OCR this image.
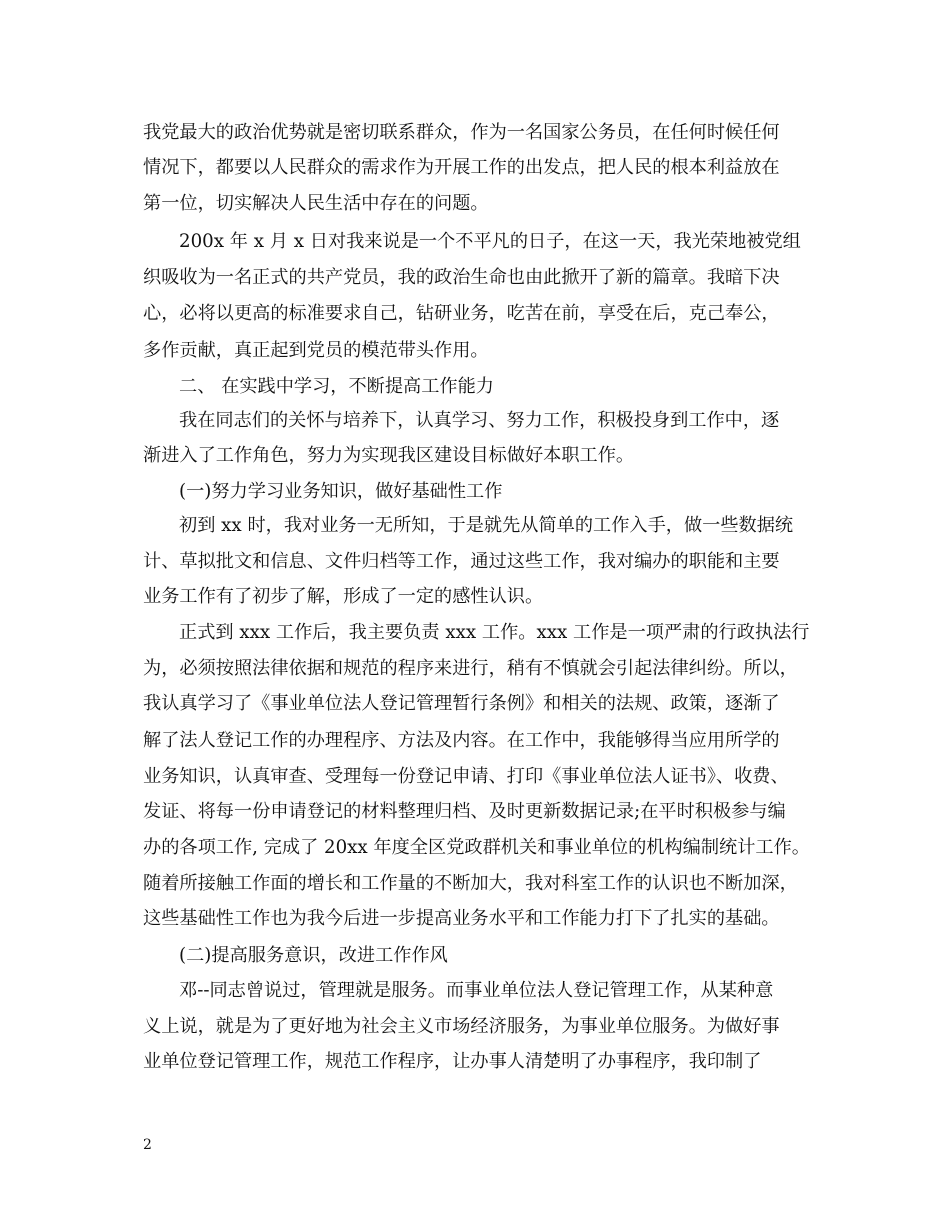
我党最大的政治优势就是密切联系群众，作为一名国家公务员，在任何时候任何
情况下，都要以人民群众的需求作为开展工作的出发点，把人民的根本利益放在
第一位，切实解决人民生活中存在的问题。
200x 年 x 月 x 日对我来说是一个不平凡的日子，在这一天，我光荣地被党组
织吸收为一名正式的共产党员，我的政治生命也由此掀开了新的篇章。我暗下决
心，必将以更高的标准要求自己，钻研业务，吃苦在前，享受在后，克己奉公，
多作贡献，真正起到党员的模范带头作用。
二、 在实践中学习，不断提高工作能力
我在同志们的关怀与培养下，认真学习、努力工作，积极投身到工作中，逐
渐进入了工作角色，努力为实现我区建设目标做好本职工作。
(一)努力学习业务知识，做好基础性工作
初到 xx 时，我对业务一无所知，于是就先从简单的工作入手，做一些数据统
计、草拟批文和信息、文件归档等工作，通过这些工作，我对编办的职能和主要
业务工作有了初步了解，形成了一定的感性认识。
正式到 xxx 工作后，我主要负责 xxx 工作。xxx 工作是一项严肃的行政执法行
为，必须按照法律依据和规范的程序来进行，稍有不慎就会引起法律纠纷。所以，
我认真学习了《事业单位法人登记管理暂行条例》和相关的法规、政策，逐渐了
解了法人登记工作的办理程序、方法及内容。在工作中，我能够得当应用所学的
业务知识，认真审查、受理每一份登记申请、打印《事业单位法人证书》、收费、
发证、将每一份申请登记的材料整理归档、及时更新数据记录;在平时积极参与编
办的各项工作, 完成了 20xx 年度全区党政群机关和事业单位的机构编制统计工作。
随着所接触工作面的增长和工作量的不断加大，我对科室工作的认识也不断加深，
这些基础性工作也为我今后进一步提高业务水平和工作能力打下了扎实的基础。
(二)提高服务意识，改进工作作风
邓--同志曾说过，管理就是服务。而事业单位法人登记管理工作，从某种意
义上说，就是为了更好地为社会主义市场经济服务，为事业单位服务。为做好事
业单位登记管理工作，规范工作程序，让办事人清楚明了办事程序，我印制了
2
